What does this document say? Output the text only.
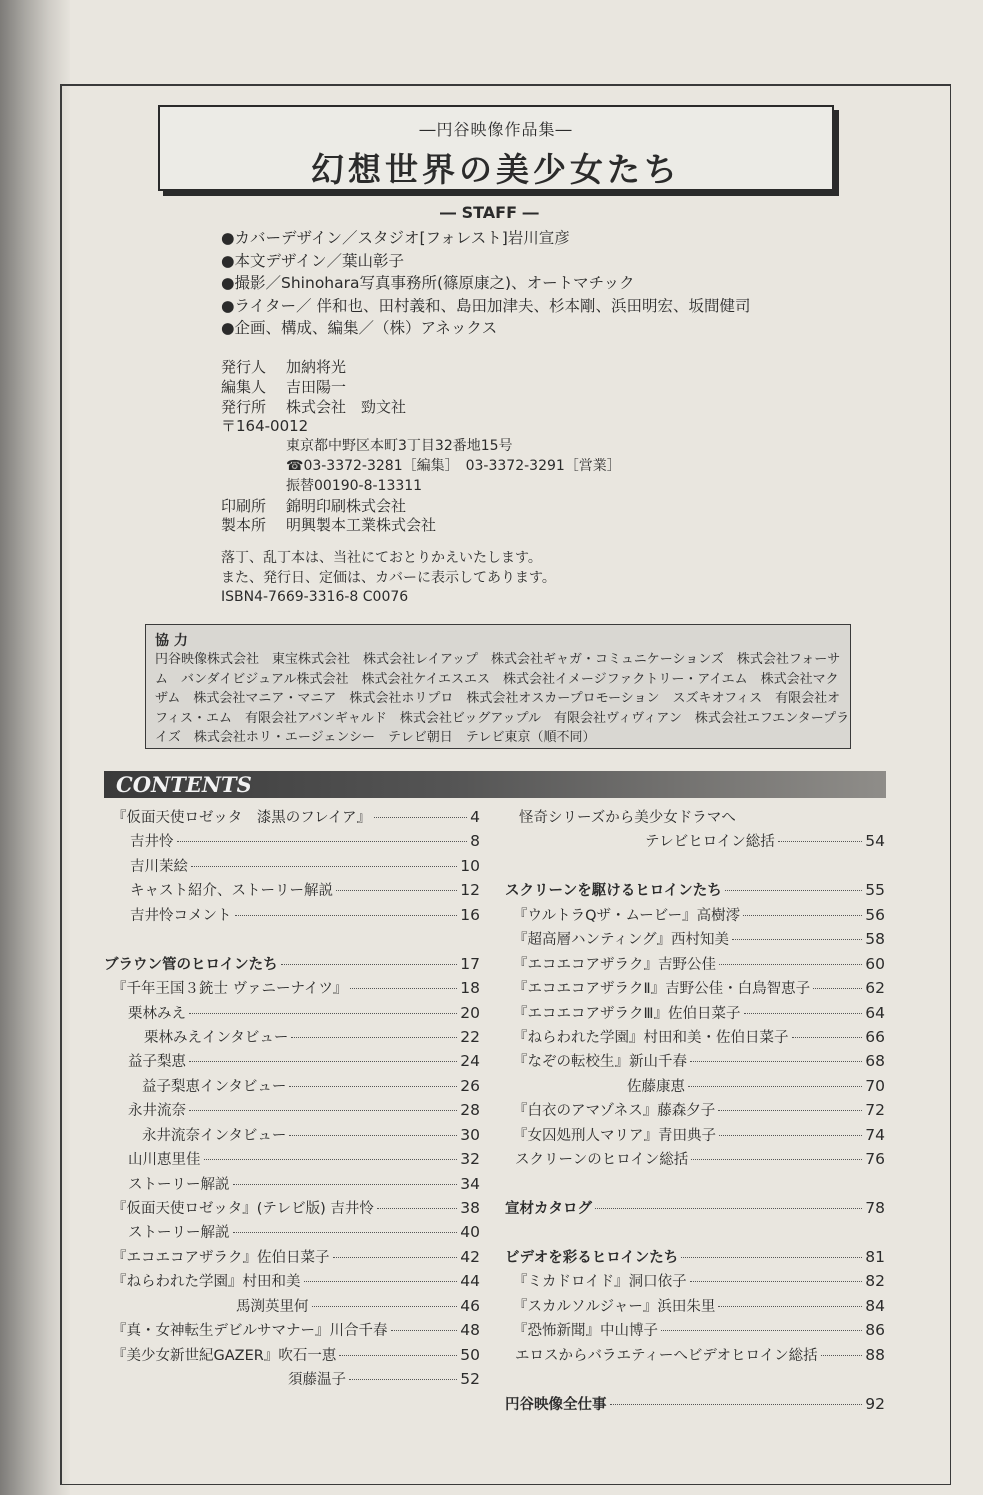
―円谷映像作品集―
幻想世界の美少女たち
― STAFF ―
●カバーデザイン／スタジオ[フォレスト]岩川宣彦
●本文デザイン／葉山彰子
●撮影／Shinohara写真事務所(篠原康之)、オートマチック
●ライター／ 伴和也、田村義和、島田加津夫、杉本剛、浜田明宏、坂間健司
●企画、構成、編集／（株）アネックス
発行人 加納将光
編集人 吉田陽一
発行所 株式会社　勁文社
〒164-0012
東京都中野区本町3丁目32番地15号
☎03-3372-3281［編集］　03-3372-3291［営業］
振替00190-8-13311
印刷所 錦明印刷株式会社
製本所 明興製本工業株式会社
落丁、乱丁本は、当社にておとりかえいたします。
また、発行日、定価は、カバーに表示してあります。
ISBN4-7669-3316-8 C0076
協 力
円谷映像株式会社　東宝株式会社　株式会社レイアップ　株式会社ギャガ・コミュニケーションズ　株式会社フォーサム　バンダイビジュアル株式会社　株式会社ケイエスエス　株式会社イメージファクトリー・アイエム　株式会社マクザム　株式会社マニア・マニア　株式会社ホリプロ　株式会社オスカープロモーション　スズキオフィス　有限会社オフィス・エム　有限会社アバンギャルド　株式会社ビッグアップル　有限会社ヴィヴィアン　株式会社エフエンタープライズ　株式会社ホリ・エージェンシー　テレビ朝日　テレビ東京（順不同）
CONTENTS
『仮面天使ロゼッタ　漆黒のフレイア』	4
吉井怜	8
吉川茉絵	10
キャスト紹介、ストーリー解説	12
吉井怜コメント	16
ブラウン管のヒロインたち	17
『千年王国３銃士 ヴァニーナイツ』	18
栗林みえ	20
栗林みえインタビュー	22
益子梨恵	24
益子梨恵インタビュー	26
永井流奈	28
永井流奈インタビュー	30
山川恵里佳	32
ストーリー解説	34
『仮面天使ロゼッタ』(テレビ版) 吉井怜	38
ストーリー解説	40
『エコエコアザラク』佐伯日菜子	42
『ねらわれた学園』村田和美	44
馬渕英里何	46
『真・女神転生デビルサマナー』川合千春	48
『美少女新世紀GAZER』吹石一恵	50
須藤温子	52
怪奇シリーズから美少女ドラマへ
テレビヒロイン総括	54
スクリーンを駆けるヒロインたち	55
『ウルトラQザ・ムービー』高樹澪	56
『超高層ハンティング』西村知美	58
『エコエコアザラク』吉野公佳	60
『エコエコアザラクⅡ』吉野公佳・白鳥智恵子	62
『エコエコアザラクⅢ』佐伯日菜子	64
『ねらわれた学園』村田和美・佐伯日菜子	66
『なぞの転校生』新山千春	68
佐藤康恵	70
『白衣のアマゾネス』藤森夕子	72
『女囚処刑人マリア』青田典子	74
スクリーンのヒロイン総括	76
宣材カタログ	78
ビデオを彩るヒロインたち	81
『ミカドロイド』洞口依子	82
『スカルソルジャー』浜田朱里	84
『恐怖新聞』中山博子	86
エロスからバラエティーへビデオヒロイン総括	88
円谷映像全仕事	92
